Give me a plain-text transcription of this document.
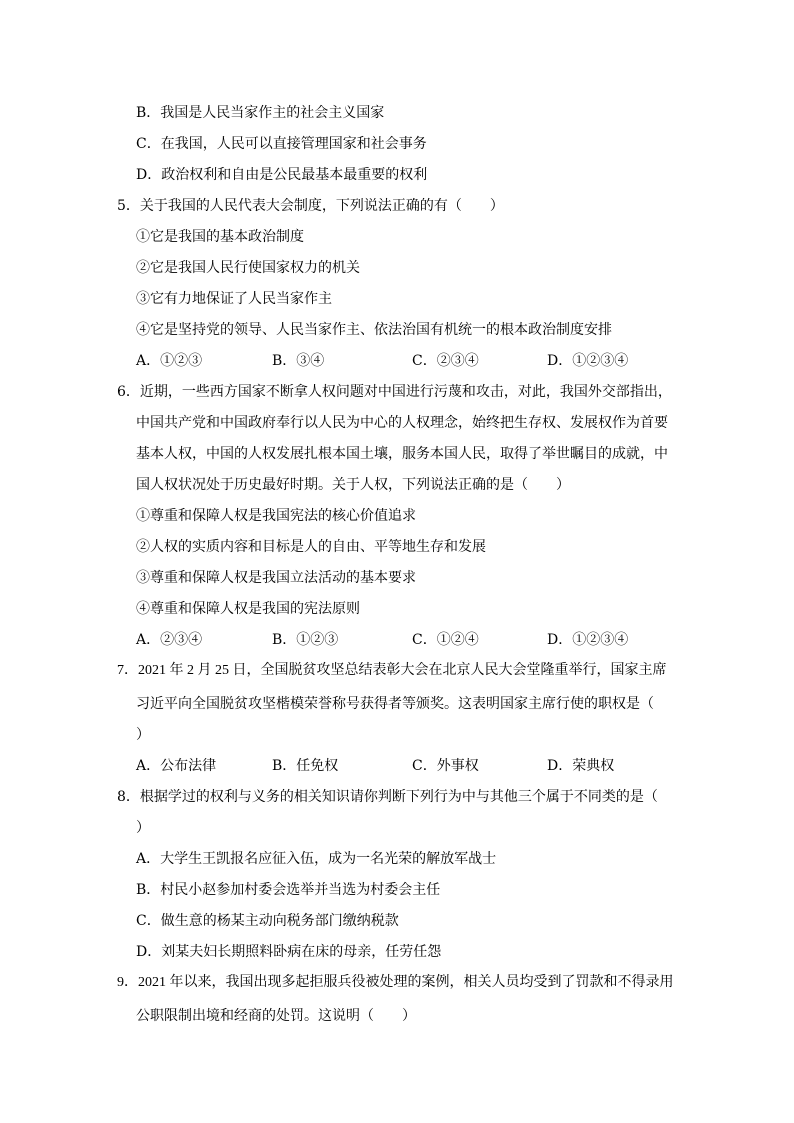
B．我国是人民当家作主的社会主义国家
C．在我国，人民可以直接管理国家和社会事务
D．政治权利和自由是公民最基本最重要的权利
5．关于我国的人民代表大会制度，下列说法正确的有（　　）
①它是我国的基本政治制度
②它是我国人民行使国家权力的机关
③它有力地保证了人民当家作主
④它是坚持党的领导、人民当家作主、依法治国有机统一的根本政治制度安排
A．①②③	B．③④	C．②③④	D．①②③④
6．近期，一些西方国家不断拿人权问题对中国进行污蔑和攻击，对此，我国外交部指出，
中国共产党和中国政府奉行以人民为中心的人权理念，始终把生存权、发展权作为首要
基本人权，中国的人权发展扎根本国土壤，服务本国人民，取得了举世瞩目的成就，中
国人权状况处于历史最好时期。关于人权，下列说法正确的是（　　）
①尊重和保障人权是我国宪法的核心价值追求
②人权的实质内容和目标是人的自由、平等地生存和发展
③尊重和保障人权是我国立法活动的基本要求
④尊重和保障人权是我国的宪法原则
A．②③④	B．①②③	C．①②④	D．①②③④
7．2021 年 2 月 25 日，全国脱贫攻坚总结表彰大会在北京人民大会堂隆重举行，国家主席
习近平向全国脱贫攻坚楷模荣誉称号获得者等颁奖。这表明国家主席行使的职权是（
）
A．公布法律	B．任免权	C．外事权	D．荣典权
8．根据学过的权利与义务的相关知识请你判断下列行为中与其他三个属于不同类的是（
）
A．大学生王凯报名应征入伍，成为一名光荣的解放军战士
B．村民小赵参加村委会选举并当选为村委会主任
C．做生意的杨某主动向税务部门缴纳税款
D．刘某夫妇长期照料卧病在床的母亲，任劳任怨
9．2021 年以来，我国出现多起拒服兵役被处理的案例，相关人员均受到了罚款和不得录用
公职限制出境和经商的处罚。这说明（　　）
